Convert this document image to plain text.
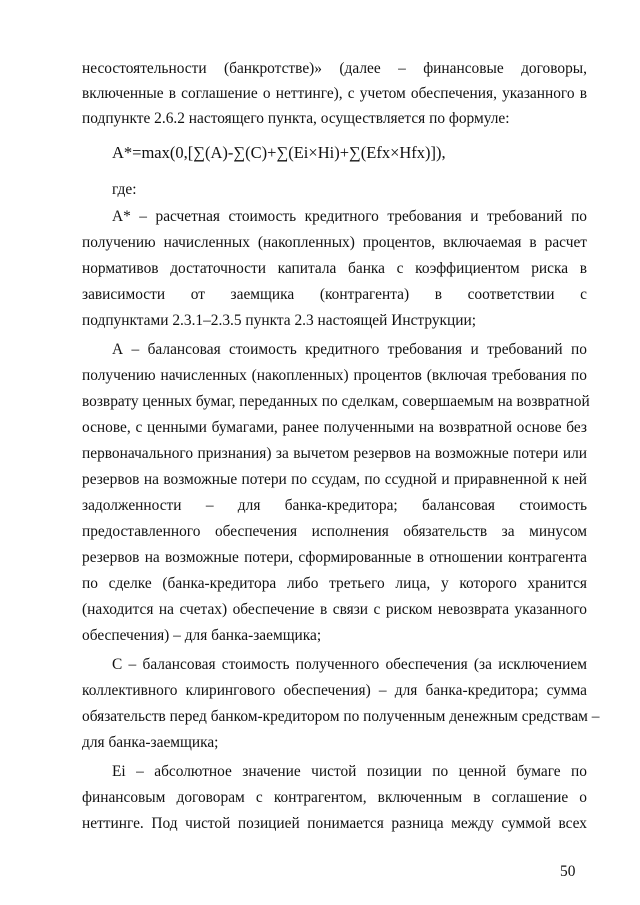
несостоятельности (банкротстве)» (далее – финансовые договоры,
включенные в соглашение о неттинге), с учетом обеспечения, указанного в
подпункте 2.6.2 настоящего пункта, осуществляется по формуле:
А*=max(0,[∑(А)-∑(С)+∑(Ei×Hi)+∑(Efx×Hfx)]),
где:
А* – расчетная стоимость кредитного требования и требований по
получению начисленных (накопленных) процентов, включаемая в расчет
нормативов достаточности капитала банка с коэффициентом риска в
зависимости от заемщика (контрагента) в соответствии с
подпунктами 2.3.1–2.3.5 пункта 2.3 настоящей Инструкции;
А – балансовая стоимость кредитного требования и требований по
получению начисленных (накопленных) процентов (включая требования по
возврату ценных бумаг, переданных по сделкам, совершаемым на возвратной
основе, с ценными бумагами, ранее полученными на возвратной основе без
первоначального признания) за вычетом резервов на возможные потери или
резервов на возможные потери по ссудам, по ссудной и приравненной к ней
задолженности – для банка-кредитора; балансовая стоимость
предоставленного обеспечения исполнения обязательств за минусом
резервов на возможные потери, сформированные в отношении контрагента
по сделке (банка-кредитора либо третьего лица, у которого хранится
(находится на счетах) обеспечение в связи с риском невозврата указанного
обеспечения) – для банка-заемщика;
С – балансовая стоимость полученного обеспечения (за исключением
коллективного клирингового обеспечения) – для банка-кредитора; сумма
обязательств перед банком-кредитором по полученным денежным средствам –
для банка-заемщика;
Ei – абсолютное значение чистой позиции по ценной бумаге по
финансовым договорам с контрагентом, включенным в соглашение о
неттинге. Под чистой позицией понимается разница между суммой всех
50
